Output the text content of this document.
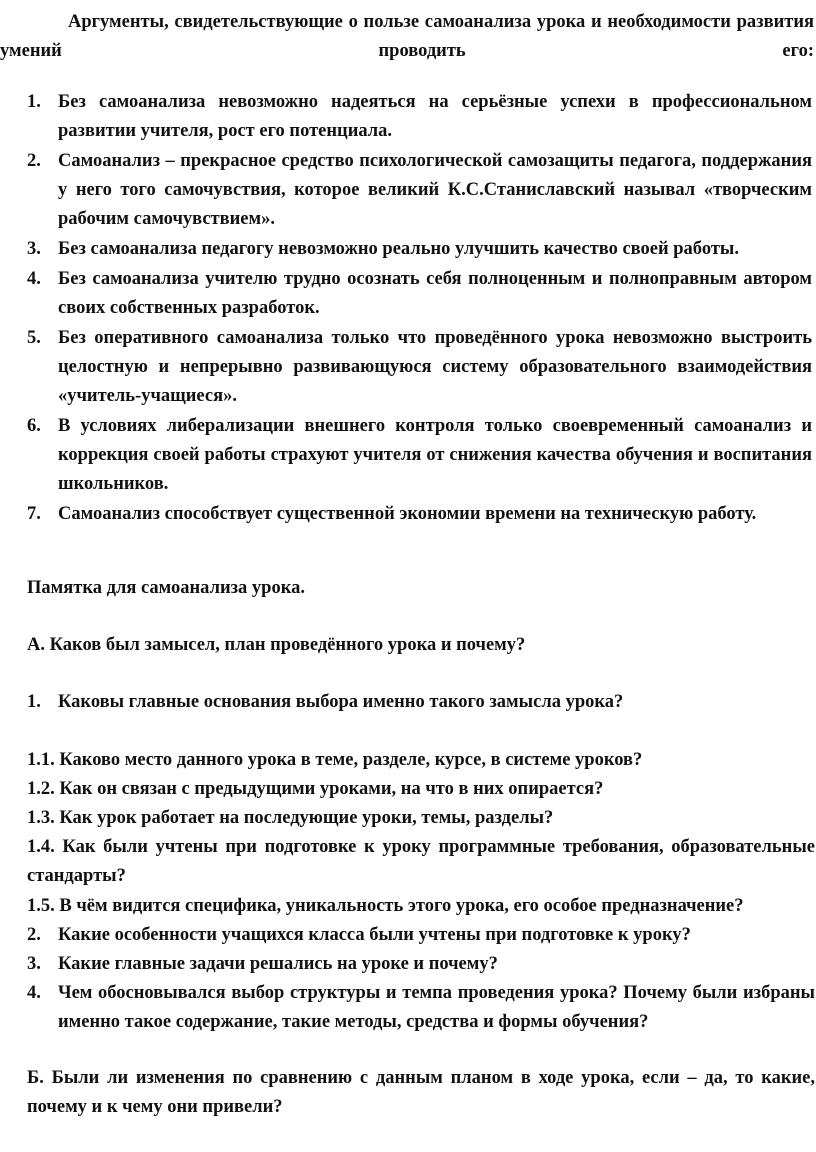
Аргументы, свидетельствующие о пользе самоанализа урока и необходимости развития умений проводить его:
1. Без самоанализа невозможно надеяться на серьёзные успехи в профессиональном развитии учителя, рост его потенциала.
2. Самоанализ – прекрасное средство психологической самозащиты педагога, поддержания у него того самочувствия, которое великий К.С.Станиславский называл «творческим рабочим самочувствием».
3. Без самоанализа педагогу невозможно реально улучшить качество своей работы.
4. Без самоанализа учителю трудно осознать себя полноценным и полноправным автором своих собственных разработок.
5. Без оперативного самоанализа только что проведённого урока невозможно выстроить целостную и непрерывно развивающуюся систему образовательного взаимодействия «учитель-учащиеся».
6. В условиях либерализации внешнего контроля только своевременный самоанализ и коррекция своей работы страхуют учителя от снижения качества обучения и воспитания школьников.
7. Самоанализ способствует существенной экономии времени на техническую работу.
Памятка для самоанализа урока.
А. Каков был замысел, план проведённого урока и почему?
1. Каковы главные основания выбора именно такого замысла урока?
1.1. Каково место данного урока в теме, разделе, курсе, в системе уроков?
1.2. Как он связан с предыдущими уроками, на что в них опирается?
1.3. Как урок работает на последующие уроки, темы, разделы?
1.4. Как были учтены при подготовке к уроку программные требования, образовательные стандарты?
1.5. В чём видится специфика, уникальность этого урока, его особое предназначение?
2. Какие особенности учащихся класса были учтены при подготовке к уроку?
3. Какие главные задачи решались на уроке и почему?
4. Чем обосновывался выбор структуры и темпа проведения урока? Почему были избраны именно такое содержание, такие методы, средства и формы обучения?
Б. Были ли изменения по сравнению с данным планом в ходе урока, если – да, то какие, почему и к чему они привели?
